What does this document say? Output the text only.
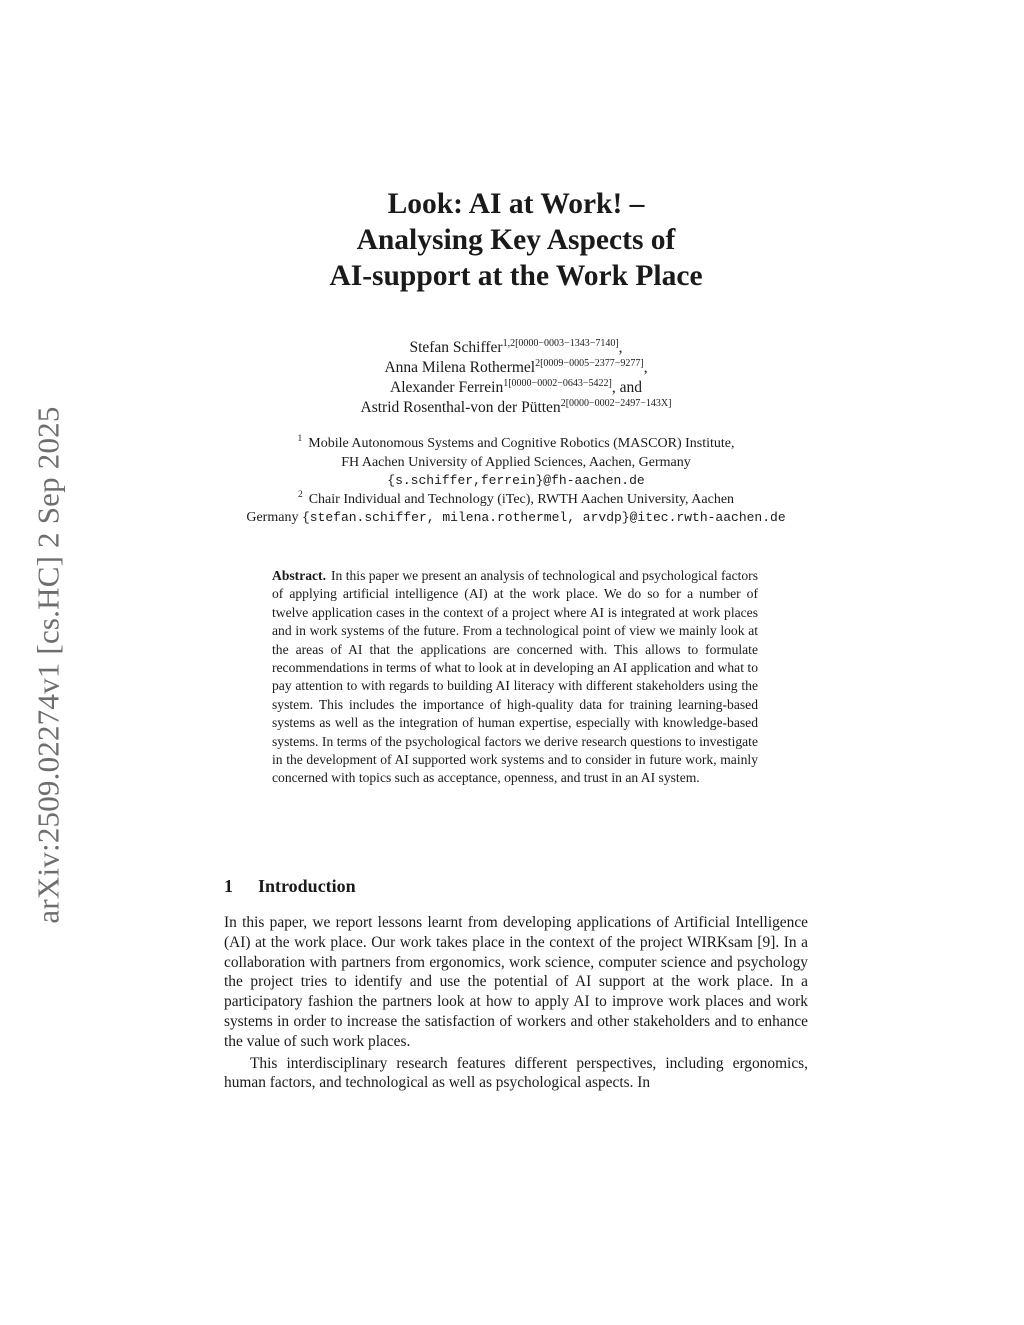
arXiv:2509.02274v1 [cs.HC] 2 Sep 2025
Look: AI at Work! –
Analysing Key Aspects of
AI-support at the Work Place
Stefan Schiffer$^{1,2[0000-0003-1343-7140]}$,
Anna Milena Rothermel$^{2[0009-0005-2377-9277]}$,
Alexander Ferrein$^{1[0000-0002-0643-5422]}$, and
Astrid Rosenthal-von der Pütten$^{2[0000-0002-2497-143X]}$
$^1$ Mobile Autonomous Systems and Cognitive Robotics (MASCOR) Institute,
FH Aachen University of Applied Sciences, Aachen, Germany
{s.schiffer,ferrein}@fh-aachen.de
$^2$ Chair Individual and Technology (iTec), RWTH Aachen University, Aachen
Germany {stefan.schiffer, milena.rothermel, arvdp}@itec.rwth-aachen.de
Abstract. In this paper we present an analysis of technological and psychological factors of applying artificial intelligence (AI) at the work place. We do so for a number of twelve application cases in the context of a project where AI is integrated at work places and in work systems of the future. From a technological point of view we mainly look at the areas of AI that the applications are concerned with. This allows to formulate recommendations in terms of what to look at in developing an AI application and what to pay attention to with regards to building AI literacy with different stakeholders using the system. This includes the importance of high-quality data for training learning-based systems as well as the integration of human expertise, especially with knowledge-based systems. In terms of the psychological factors we derive research questions to investigate in the development of AI supported work systems and to consider in future work, mainly concerned with topics such as acceptance, openness, and trust in an AI system.
1 Introduction

In this paper, we report lessons learnt from developing applications of Artificial Intelligence (AI) at the work place. Our work takes place in the context of the project WIRKsam [9]. In a collaboration with partners from ergonomics, work science, computer science and psychology the project tries to identify and use the potential of AI support at the work place. In a participatory fashion the partners look at how to apply AI to improve work places and work systems in order to increase the satisfaction of workers and other stakeholders and to enhance the value of such work places.

This interdisciplinary research features different perspectives, including ergonomics, human factors, and technological as well as psychological aspects. In
